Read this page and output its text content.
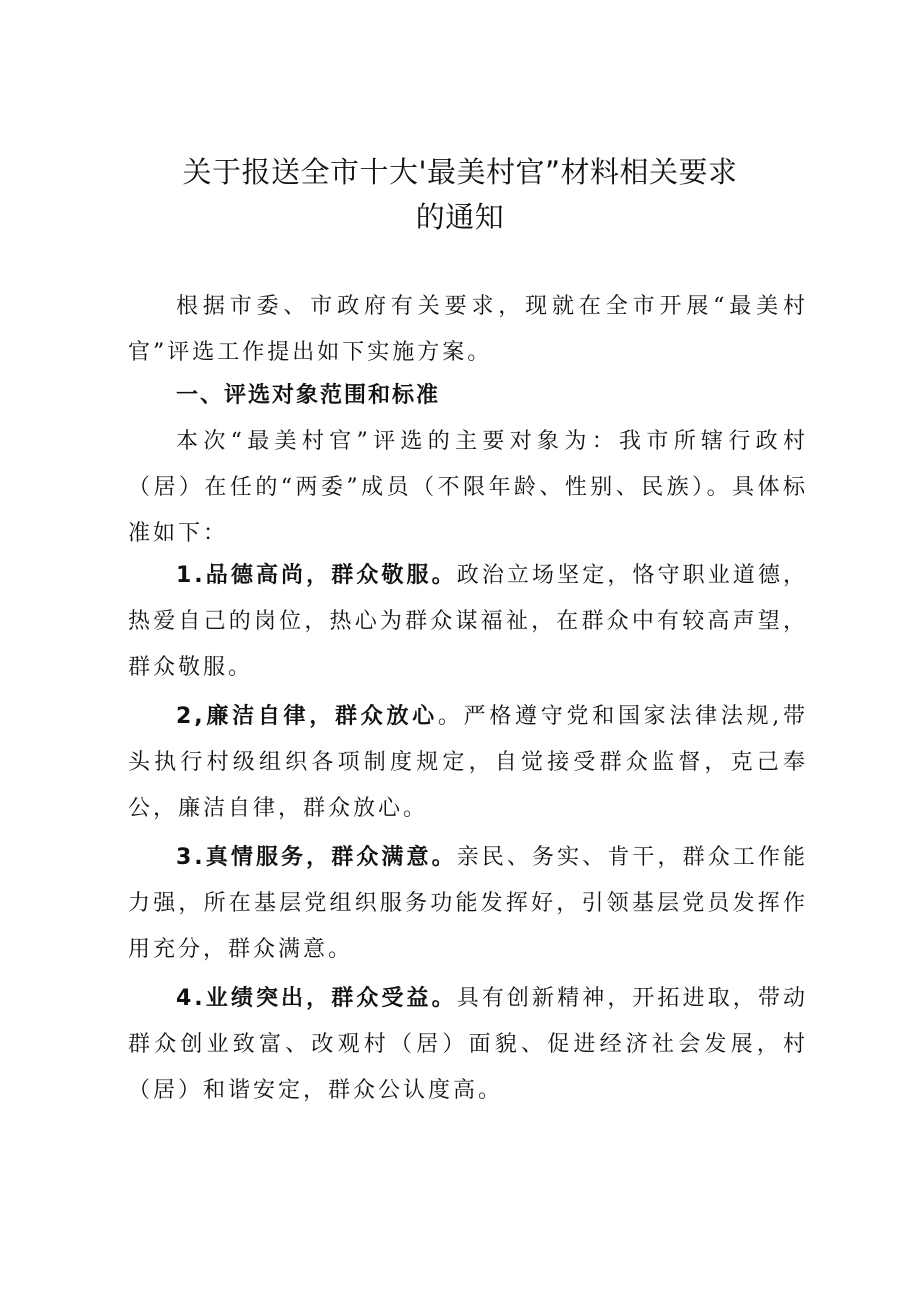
关于报送全市十大'最美村官”材料相关要求
的通知
根据市委、市政府有关要求，现就在全市开展“最美村官”评选工作提出如下实施方案。
一、评选对象范围和标准
本次“最美村官”评选的主要对象为：我市所辖行政村（居）在任的“两委”成员（不限年龄、性别、民族）。具体标准如下：
1.品德高尚，群众敬服。政治立场坚定，恪守职业道德，热爱自己的岗位，热心为群众谋福祉，在群众中有较高声望，群众敬服。
2,廉洁自律，群众放心。严格遵守党和国家法律法规,带头执行村级组织各项制度规定，自觉接受群众监督，克己奉公，廉洁自律，群众放心。
3.真情服务，群众满意。亲民、务实、肯干，群众工作能力强，所在基层党组织服务功能发挥好，引领基层党员发挥作用充分，群众满意。
4.业绩突出，群众受益。具有创新精神，开拓进取，带动群众创业致富、改观村（居）面貌、促进经济社会发展，村（居）和谐安定，群众公认度高。
